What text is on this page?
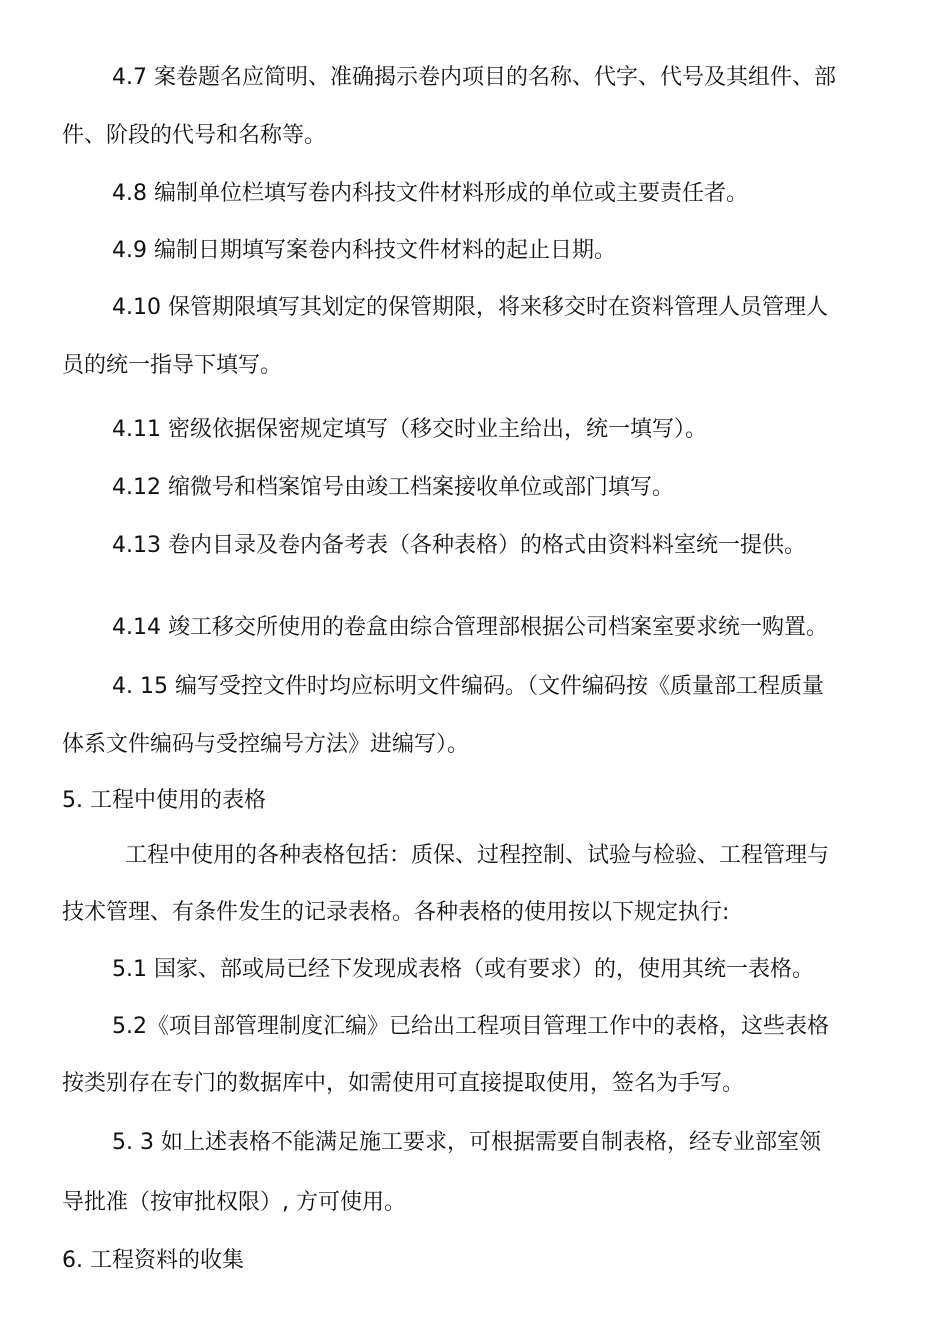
4.7 案卷题名应简明、准确揭示卷内项目的名称、代字、代号及其组件、部
件、阶段的代号和名称等。
4.8 编制单位栏填写卷内科技文件材料形成的单位或主要责任者。
4.9 编制日期填写案卷内科技文件材料的起止日期。
4.10 保管期限填写其划定的保管期限，将来移交时在资料管理人员管理人
员的统一指导下填写。
4.11 密级依据保密规定填写（移交时业主给出，统一填写）。
4.12 缩微号和档案馆号由竣工档案接收单位或部门填写。
4.13 卷内目录及卷内备考表（各种表格）的格式由资料料室统一提供。
4.14 竣工移交所使用的卷盒由综合管理部根据公司档案室要求统一购置。
4. 15 编写受控文件时均应标明文件编码。（文件编码按《质量部工程质量
体系文件编码与受控编号方法》进编写）。
5. 工程中使用的表格
工程中使用的各种表格包括：质保、过程控制、试验与检验、工程管理与
技术管理、有条件发生的记录表格。各种表格的使用按以下规定执行:
5.1 国家、部或局已经下发现成表格（或有要求）的，使用其统一表格。
5.2《项目部管理制度汇编》已给出工程项目管理工作中的表格，这些表格
按类别存在专门的数据库中，如需使用可直接提取使用，签名为手写。
5. 3 如上述表格不能满足施工要求，可根据需要自制表格，经专业部室领
导批准（按审批权限）, 方可使用。
6. 工程资料的收集
